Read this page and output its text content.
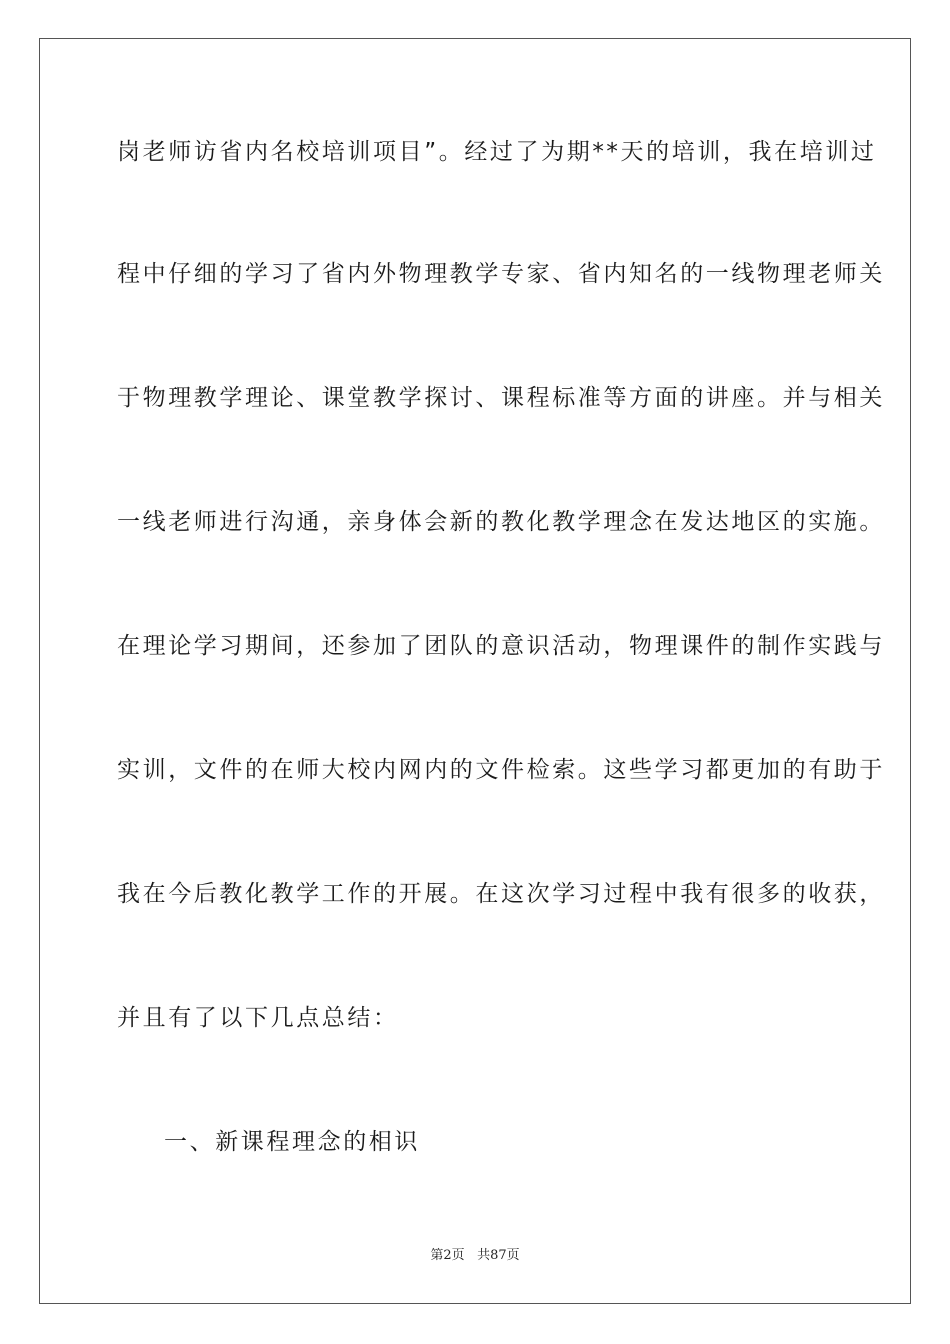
岗老师访省内名校培训项目”。经过了为期**天的培训，我在培训过
程中仔细的学习了省内外物理教学专家、省内知名的一线物理老师关
于物理教学理论、课堂教学探讨、课程标准等方面的讲座。并与相关
一线老师进行沟通，亲身体会新的教化教学理念在发达地区的实施。
在理论学习期间，还参加了团队的意识活动，物理课件的制作实践与
实训，文件的在师大校内网内的文件检索。这些学习都更加的有助于
我在今后教化教学工作的开展。在这次学习过程中我有很多的收获，
并且有了以下几点总结：
一、新课程理念的相识
第2页 共87页
